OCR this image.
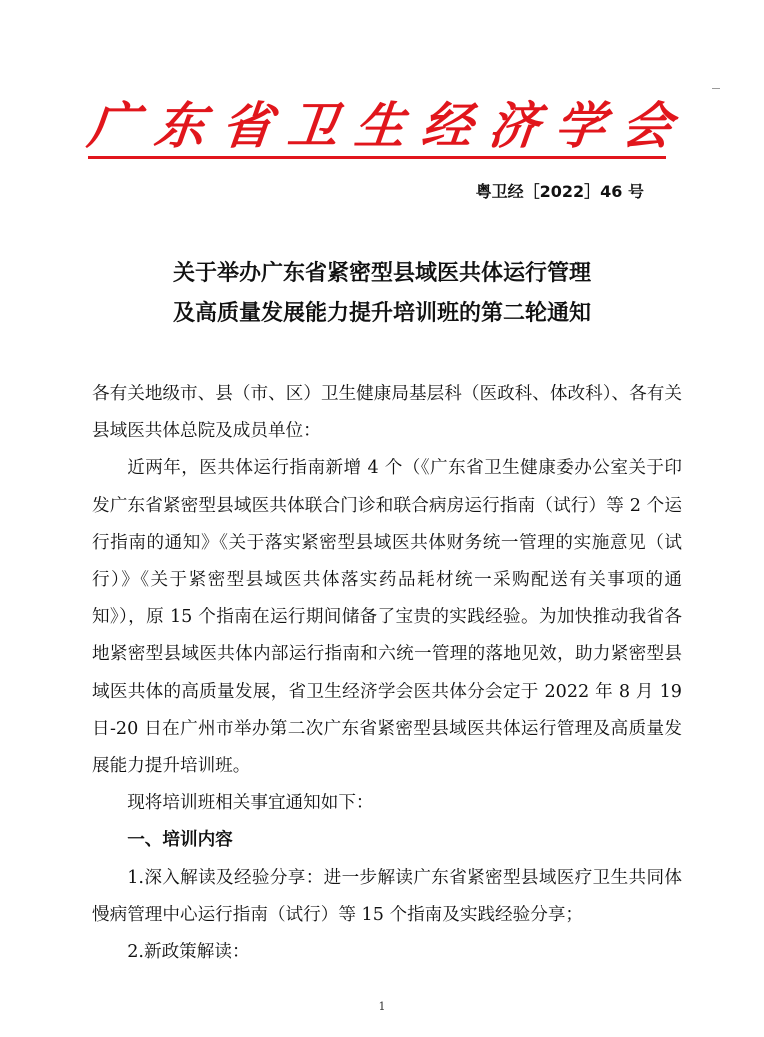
广 东 省 卫 生 经 济 学 会
粤卫经［2022］46 号
关于举办广东省紧密型县域医共体运行管理
及高质量发展能力提升培训班的第二轮通知

各有关地级市、县（市、区）卫生健康局基层科（医政科、体改科）、各有关县域医共体总院及成员单位：

近两年，医共体运行指南新增 4 个（《广东省卫生健康委办公室关于印发广东省紧密型县域医共体联合门诊和联合病房运行指南（试行）等 2 个运行指南的通知》《关于落实紧密型县域医共体财务统一管理的实施意见（试行）》《关于紧密型县域医共体落实药品耗材统一采购配送有关事项的通知》），原 15 个指南在运行期间储备了宝贵的实践经验。为加快推动我省各地紧密型县域医共体内部运行指南和六统一管理的落地见效，助力紧密型县域医共体的高质量发展，省卫生经济学会医共体分会定于 2022 年 8 月 19 日-20 日在广州市举办第二次广东省紧密型县域医共体运行管理及高质量发展能力提升培训班。

现将培训班相关事宜通知如下：

一、培训内容

1.深入解读及经验分享：进一步解读广东省紧密型县域医疗卫生共同体慢病管理中心运行指南（试行）等 15 个指南及实践经验分享；

2.新政策解读：

1
